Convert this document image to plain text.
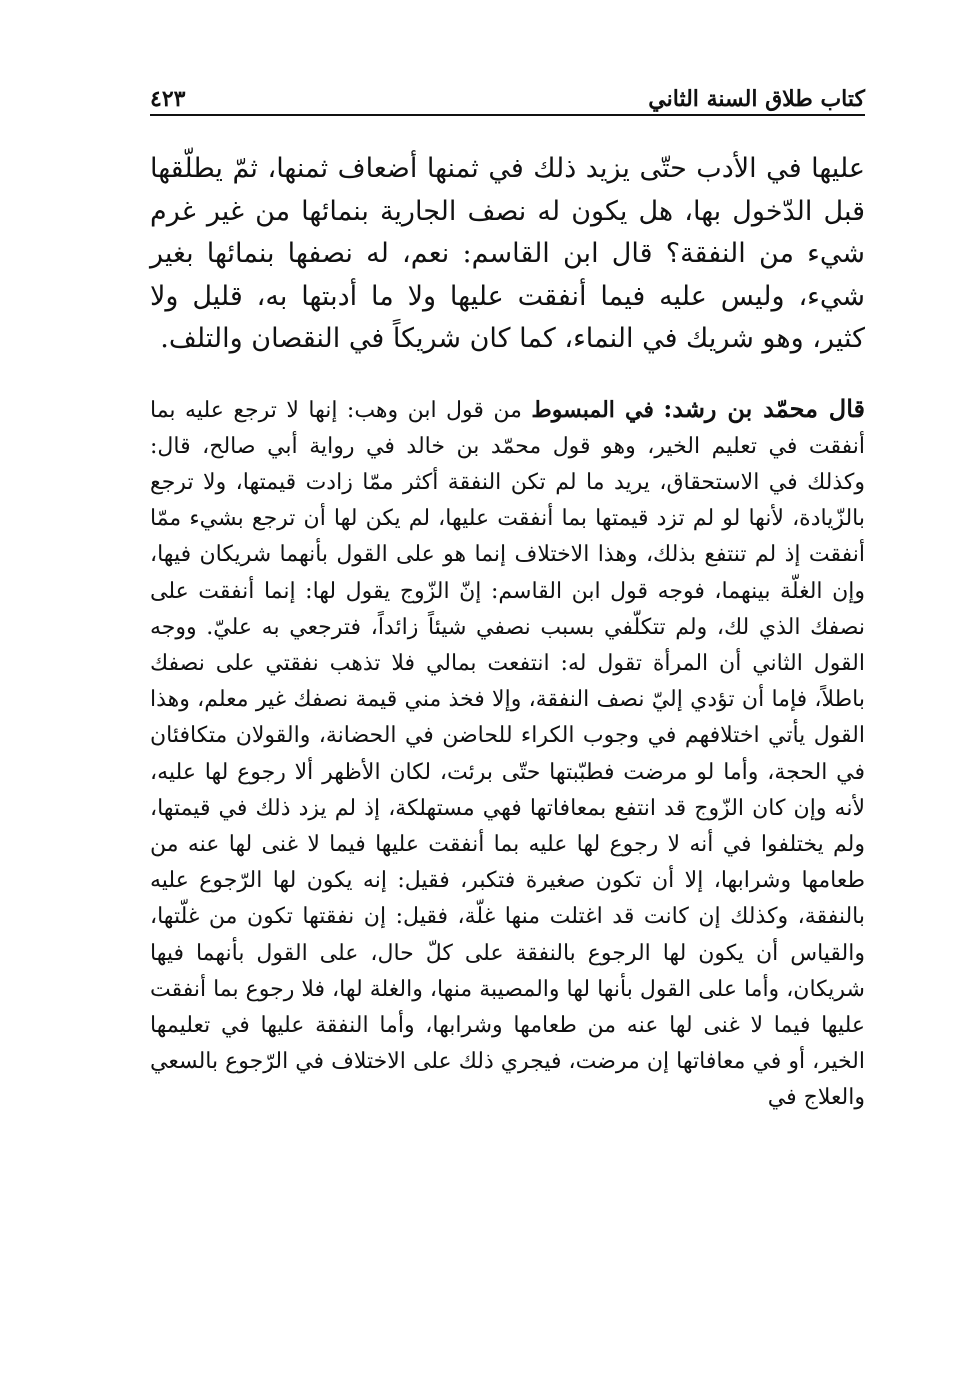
كتاب طلاق السنة الثاني
٤٢٣

عليها في الأدب حتّى يزيد ذلك في ثمنها أضعاف ثمنها، ثمّ يطلّقها قبل الدّخول بها، هل يكون له نصف الجارية بنمائها من غير غرم شيء من النفقة؟ قال ابن القاسم: نعم، له نصفها بنمائها بغير شيء، وليس عليه فيما أنفقت عليها ولا ما أدبتها به، قليل ولا كثير، وهو شريك في النماء، كما كان شريكاً في النقصان والتلف.

قال محمّد بن رشد: في المبسوط من قول ابن وهب: إنها لا ترجع عليه بما أنفقت في تعليم الخير، وهو قول محمّد بن خالد في رواية أبي صالح، قال: وكذلك في الاستحقاق، يريد ما لم تكن النفقة أكثر ممّا زادت قيمتها، ولا ترجع بالزّيادة، لأنها لو لم تزد قيمتها بما أنفقت عليها، لم يكن لها أن ترجع بشيء ممّا أنفقت إذ لم تنتفع بذلك، وهذا الاختلاف إنما هو على القول بأنهما شريكان فيها، وإن الغلّة بينهما، فوجه قول ابن القاسم: إنّ الزّوج يقول لها: إنما أنفقت على نصفك الذي لك، ولم تتكلّفي بسبب نصفي شيئاً زائداً، فترجعي به عليّ. ووجه القول الثاني أن المرأة تقول له: انتفعت بمالي فلا تذهب نفقتي على نصفك باطلاً، فإما أن تؤدي إليّ نصف النفقة، وإلا فخذ مني قيمة نصفك غير معلم، وهذا القول يأتي اختلافهم في وجوب الكراء للحاضن في الحضانة، والقولان متكافئان في الحجة، وأما لو مرضت فطبّبتها حتّى برئت، لكان الأظهر ألا رجوع لها عليه، لأنه وإن كان الزّوج قد انتفع بمعافاتها فهي مستهلكة، إذ لم يزد ذلك في قيمتها، ولم يختلفوا في أنه لا رجوع لها عليه بما أنفقت عليها فيما لا غنى لها عنه من طعامها وشرابها، إلا أن تكون صغيرة فتكبر، فقيل: إنه يكون لها الرّجوع عليه بالنفقة، وكذلك إن كانت قد اغتلت منها غلّة، فقيل: إن نفقتها تكون من غلّتها، والقياس أن يكون لها الرجوع بالنفقة على كلّ حال، على القول بأنهما فيها شريكان، وأما على القول بأنها لها والمصيبة منها، والغلة لها، فلا رجوع بما أنفقت عليها فيما لا غنى لها عنه من طعامها وشرابها، وأما النفقة عليها في تعليمها الخير، أو في معافاتها إن مرضت، فيجري ذلك على الاختلاف في الرّجوع بالسعي والعلاج في
